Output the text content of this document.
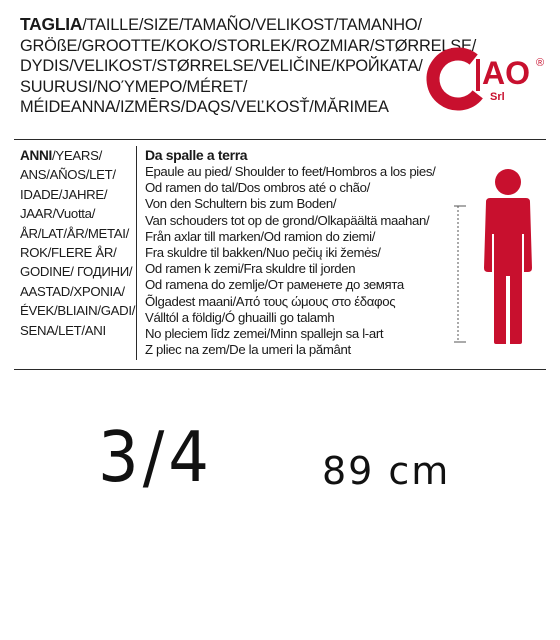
TAGLIA/TAILLE/SIZE/TAMAÑO/VELIKOST/TAMANHO/
GRÖßE/GROOTTE/KOKO/STORLEK/ROZMIAR/STØRRELSE/
DYDIS/VELIKOST/STØRRELSE/VELIČINE/КРОЙКАТА/
SUURUSI/ΝΟΎΜΕΡΟ/MÉRET/
MÉIDEANNA/IZMĒRS/DAQS/VEĽKOSŤ/MĂRIMEA
AO
Srl
®
ANNI/YEARS/
ANS/AÑOS/LET/
IDADE/JAHRE/
JAAR/Vuotta/
ÅR/LAT/ÅR/METAI/
ROK/FLERE ÅR/
GODINE/ ГОДИНИ/
AASTAD/ΧΡΟΝΙΑ/
ÉVEK/BLIAIN/GADI/
SENA/LET/ANI
Da spalle a terra
Epaule au pied/ Shoulder to feet/Hombros a los pies/
Od ramen do tal/Dos ombros até o chão/
Von den Schultern bis zum Boden/
Van schouders tot op de grond/Olkapäältä maahan/
Från axlar till marken/Od ramion do ziemi/
Fra skuldre til bakken/Nuo pečių iki žemės/
Od ramen k zemi/Fra skuldre til jorden
Od ramena do zemlje/От раменете до земята
Õlgadest maani/Από τους ώμους στο έδαφος
Válltól a földig/Ó ghuailli go talamh
No pleciem līdz zemei/Minn spallejn sa l-art
Z pliec na zem/De la umeri la pământ
3/4	89 cm
